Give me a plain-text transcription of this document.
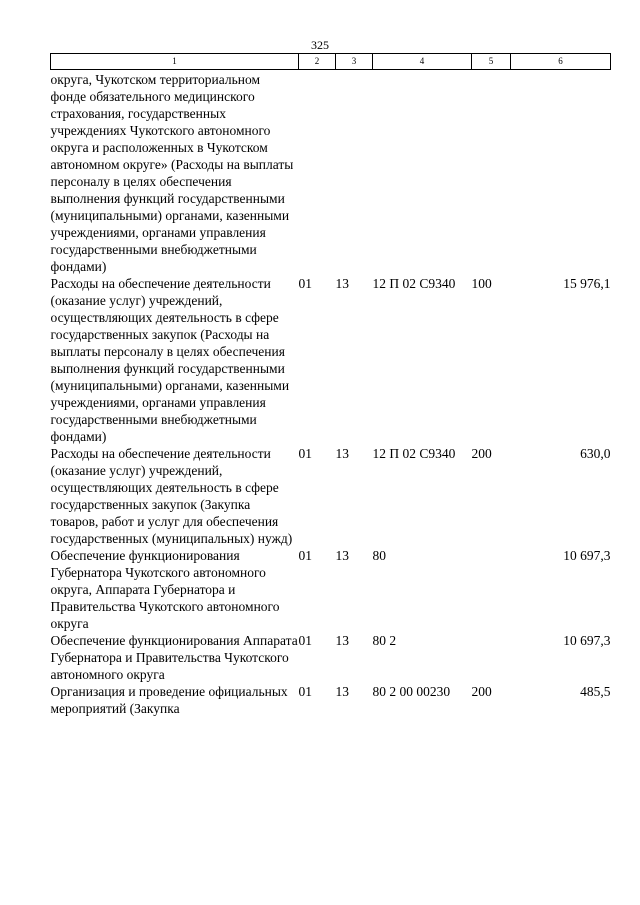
325
1	2	3	4	5	6
округа, Чукотском территориальном фонде обязательного медицинского страхования, государственных учреждениях Чукотского автономного округа и расположенных в Чукотском автономном округе» (Расходы на выплаты персоналу в целях обеспечения выполнения функций государственными (муниципальными) органами, казенными учреждениями, органами управления государственными внебюджетными фондами)					
Расходы на обеспечение деятельности (оказание услуг) учреждений, осуществляющих деятельность в сфере государственных закупок (Расходы на выплаты персоналу в целях обеспечения выполнения функций государственными (муниципальными) органами, казенными учреждениями, органами управления государственными внебюджетными фондами)	01	13	12 П 02 С9340	100	15 976,1
Расходы на обеспечение деятельности (оказание услуг) учреждений, осуществляющих деятельность в сфере государственных закупок (Закупка товаров, работ и услуг для обеспечения государственных (муниципальных) нужд)	01	13	12 П 02 С9340	200	630,0
Обеспечение функционирования Губернатора Чукотского автономного округа, Аппарата Губернатора и Правительства Чукотского автономного округа	01	13	80		10 697,3
Обеспечение функционирования Аппарата Губернатора и Правительства Чукотского автономного округа	01	13	80 2		10 697,3
Организация и проведение официальных мероприятий (Закупка	01	13	80 2 00 00230	200	485,5
